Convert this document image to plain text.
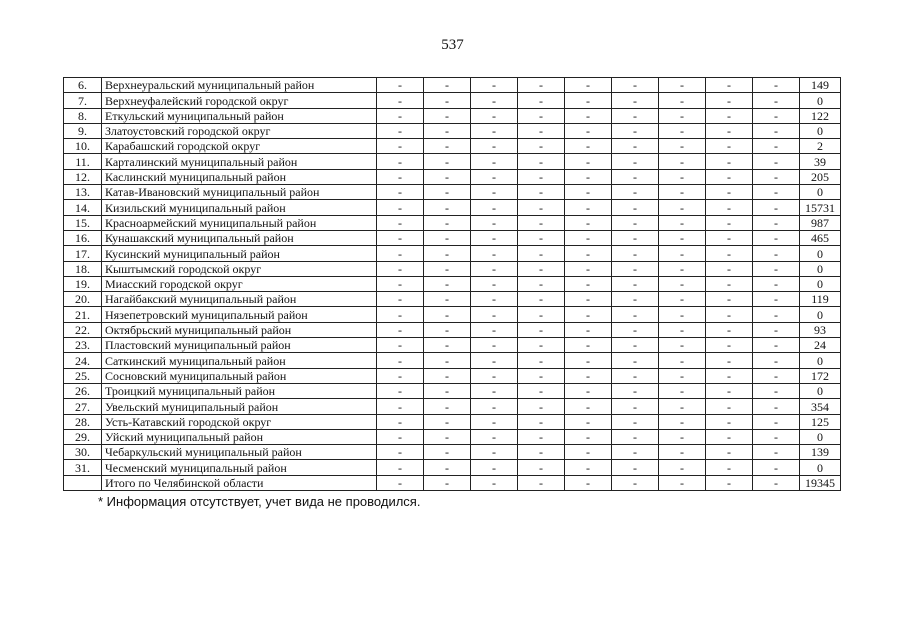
537
6.	Верхнеуральский муниципальный район	-	-	-	-	-	-	-	-	-	149
7.	Верхнеуфалейский городской округ	-	-	-	-	-	-	-	-	-	0
8.	Еткульский муниципальный район	-	-	-	-	-	-	-	-	-	122
9.	Златоустовский городской округ	-	-	-	-	-	-	-	-	-	0
10.	Карабашский городской округ	-	-	-	-	-	-	-	-	-	2
11.	Карталинский муниципальный район	-	-	-	-	-	-	-	-	-	39
12.	Каслинский муниципальный район	-	-	-	-	-	-	-	-	-	205
13.	Катав-Ивановский муниципальный район	-	-	-	-	-	-	-	-	-	0
14.	Кизильский муниципальный район	-	-	-	-	-	-	-	-	-	15731
15.	Красноармейский муниципальный район	-	-	-	-	-	-	-	-	-	987
16.	Кунашакский муниципальный район	-	-	-	-	-	-	-	-	-	465
17.	Кусинский муниципальный район	-	-	-	-	-	-	-	-	-	0
18.	Кыштымский городской округ	-	-	-	-	-	-	-	-	-	0
19.	Миасский городской округ	-	-	-	-	-	-	-	-	-	0
20.	Нагайбакский муниципальный район	-	-	-	-	-	-	-	-	-	119
21.	Нязепетровский муниципальный район	-	-	-	-	-	-	-	-	-	0
22.	Октябрьский муниципальный район	-	-	-	-	-	-	-	-	-	93
23.	Пластовский муниципальный район	-	-	-	-	-	-	-	-	-	24
24.	Саткинский муниципальный район	-	-	-	-	-	-	-	-	-	0
25.	Сосновский муниципальный район	-	-	-	-	-	-	-	-	-	172
26.	Троицкий муниципальный район	-	-	-	-	-	-	-	-	-	0
27.	Увельский муниципальный район	-	-	-	-	-	-	-	-	-	354
28.	Усть-Катавский городской округ	-	-	-	-	-	-	-	-	-	125
29.	Уйский муниципальный район	-	-	-	-	-	-	-	-	-	0
30.	Чебаркульский муниципальный район	-	-	-	-	-	-	-	-	-	139
31.	Чесменский муниципальный район	-	-	-	-	-	-	-	-	-	0
	Итого по Челябинской области	-	-	-	-	-	-	-	-	-	19345
* Информация отсутствует, учет вида не проводился.
